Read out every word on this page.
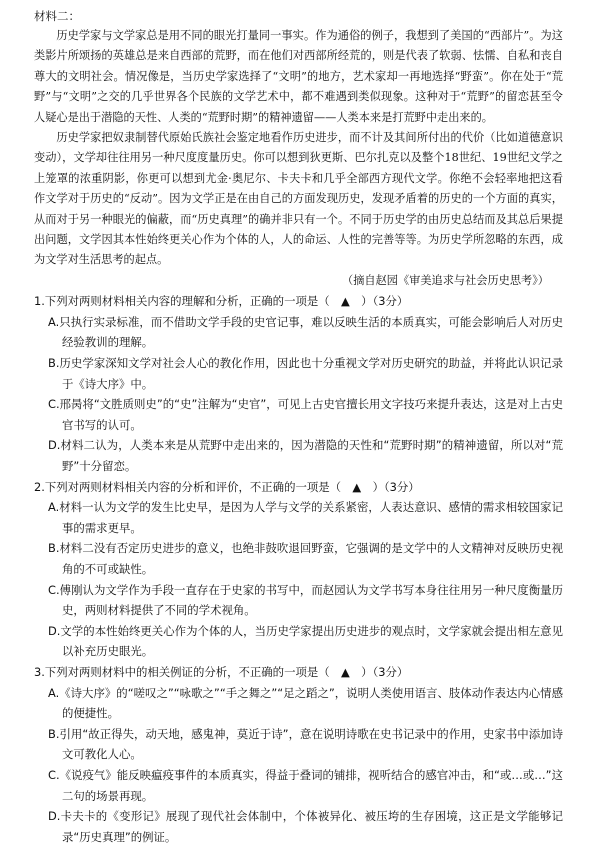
材料二：

历史学家与文学家总是用不同的眼光打量同一事实。作为通俗的例子，我想到了美国的“西部片”。为这类影片所颂扬的英雄总是来自西部的荒野，而在他们对西部所经荒的，则是代表了软弱、怯懦、自私和丧自尊大的文明社会。情况像是，当历史学家选择了“文明”的地方，艺术家却一再地选择“野蛮”。你在处于“荒野”与“文明”之交的几乎世界各个民族的文学艺术中，都不难遇到类似现象。这种对于“荒野”的留恋甚至令人疑心是出于潜隐的天性、人类的“荒野时期”的精神遗留——人类本来是打荒野中走出来的。

历史学家把奴隶制替代原始氏族社会鉴定地看作历史进步，而不计及其间所付出的代价（比如道德意识变动），文学却往往用另一种尺度度量历史。你可以想到狄更斯、巴尔扎克以及整个18世纪、19世纪文学之上笼罩的浓重阴影，你更可以想到尤金·奥尼尔、卡夫卡和几乎全部西方现代文学。你绝不会轻率地把这看作文学对于历史的“反动”。因为文学正是在由自己的方面发现历史，发现矛盾着的历史的一个方面的真实，从而对于另一种眼光的偏蔽，而“历史真理”的确并非只有一个。不同于历史学的由历史总结而及其总后果提出问题，文学因其本性始终更关心作为个体的人，人的命运、人性的完善等等。为历史学所忽略的东西，成为文学对生活思考的起点。

（摘自赵园《审美追求与社会历史思考》）

1.下列对两则材料相关内容的理解和分析，正确的一项是（　▲　）（3分）

A.只执行实录标准，而不借助文学手段的史官记事，难以反映生活的本质真实，可能会影响后人对历史经验教训的理解。

B.历史学家深知文学对社会人心的教化作用，因此也十分重视文学对历史研究的助益，并将此认识记录于《诗大序》中。

C.邢昺将“文胜质则史”的“史”注解为“史官”，可见上古史官擅长用文字技巧来提升表达，这是对上古史官书写的认可。

D.材料二认为，人类本来是从荒野中走出来的，因为潜隐的天性和“荒野时期”的精神遗留，所以对“荒野”十分留恋。

2.下列对两则材料相关内容的分析和评价，不正确的一项是（　▲　）（3分）

A.材料一认为文学的发生比史早，是因为人学与文学的关系紧密，人表达意识、感情的需求相较国家记事的需求更早。

B.材料二没有否定历史进步的意义，也绝非鼓吹退回野蛮，它强调的是文学中的人文精神对反映历史视角的不可或缺性。

C.傅刚认为文学作为手段一直存在于史家的书写中，而赵园认为文学书写本身往往用另一种尺度衡量历史，两则材料提供了不同的学术视角。

D.文学的本性始终更关心作为个体的人，当历史学家提出历史进步的观点时，文学家就会提出相左意见以补充历史眼光。

3.下列对两则材料中的相关例证的分析，不正确的一项是（　▲　）（3分）

A.《诗大序》的“嗟叹之”“咏歌之”“手之舞之”“足之蹈之”，说明人类使用语言、肢体动作表达内心情感的便捷性。

B.引用“故正得失，动天地，感鬼神，莫近于诗”，意在说明诗歌在史书记录中的作用，史家书中添加诗文可教化人心。

C.《说疫气》能反映瘟疫事件的本质真实，得益于叠词的铺排，视听结合的感官冲击，和“或…或…”这二句的场景再现。

D.卡夫卡的《变形记》展现了现代社会体制中，个体被异化、被压垮的生存困境，这正是文学能够记录“历史真理”的例证。
